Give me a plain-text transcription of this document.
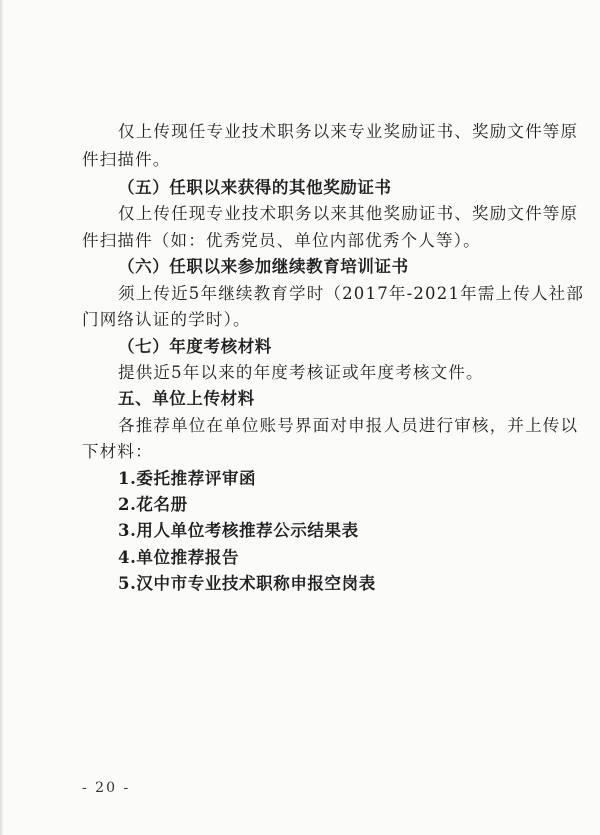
仅上传现任专业技术职务以来专业奖励证书、奖励文件等原
件扫描件。
（五）任职以来获得的其他奖励证书
仅上传任现专业技术职务以来其他奖励证书、奖励文件等原
件扫描件（如：优秀党员、单位内部优秀个人等）。
（六）任职以来参加继续教育培训证书
须上传近5年继续教育学时（2017年-2021年需上传人社部
门网络认证的学时）。
（七）年度考核材料
提供近5年以来的年度考核证或年度考核文件。
五、单位上传材料
各推荐单位在单位账号界面对申报人员进行审核，并上传以
下材料：
1.委托推荐评审函
2.花名册
3.用人单位考核推荐公示结果表
4.单位推荐报告
5.汉中市专业技术职称申报空岗表
- 20 -
